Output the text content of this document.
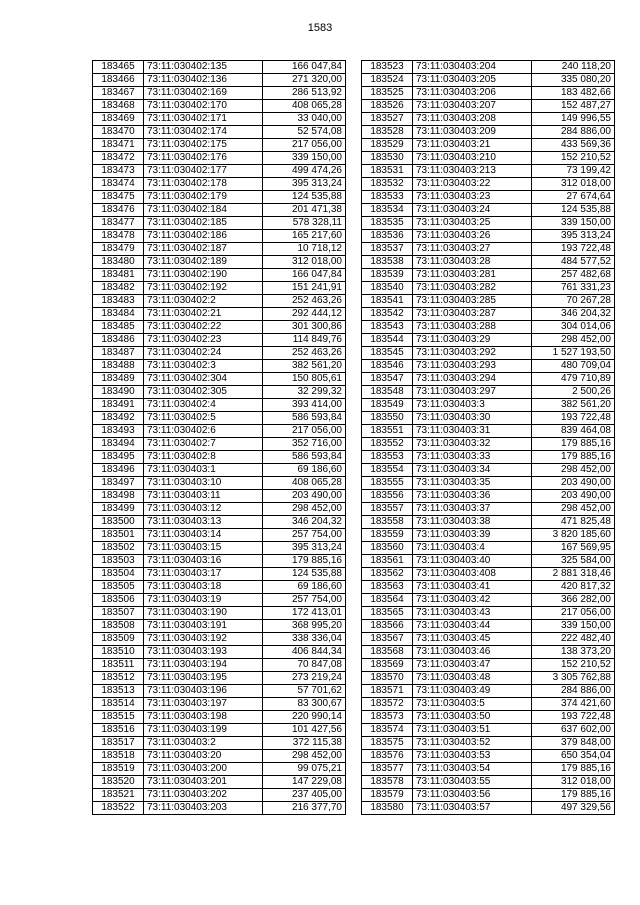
1583
183465	73:11:030402:135	166 047,84
183466	73:11:030402:136	271 320,00
183467	73:11:030402:169	286 513,92
183468	73:11:030402:170	408 065,28
183469	73:11:030402:171	33 040,00
183470	73:11:030402:174	52 574,08
183471	73:11:030402:175	217 056,00
183472	73:11:030402:176	339 150,00
183473	73:11:030402:177	499 474,26
183474	73:11:030402:178	395 313,24
183475	73:11:030402:179	124 535,88
183476	73:11:030402:184	201 471,38
183477	73:11:030402:185	578 328,11
183478	73:11:030402:186	165 217,60
183479	73:11:030402:187	10 718,12
183480	73:11:030402:189	312 018,00
183481	73:11:030402:190	166 047,84
183482	73:11:030402:192	151 241,91
183483	73:11:030402:2	252 463,26
183484	73:11:030402:21	292 444,12
183485	73:11:030402:22	301 300,86
183486	73:11:030402:23	114 849,76
183487	73:11:030402:24	252 463,26
183488	73:11:030402:3	382 561,20
183489	73:11:030402:304	150 805,61
183490	73:11:030402:305	32 299,32
183491	73:11:030402:4	393 414,00
183492	73:11:030402:5	586 593,84
183493	73:11:030402:6	217 056,00
183494	73:11:030402:7	352 716,00
183495	73:11:030402:8	586 593,84
183496	73:11:030403:1	69 186,60
183497	73:11:030403:10	408 065,28
183498	73:11:030403:11	203 490,00
183499	73:11:030403:12	298 452,00
183500	73:11:030403:13	346 204,32
183501	73:11:030403:14	257 754,00
183502	73:11:030403:15	395 313,24
183503	73:11:030403:16	179 885,16
183504	73:11:030403:17	124 535,88
183505	73:11:030403:18	69 186,60
183506	73:11:030403:19	257 754,00
183507	73:11:030403:190	172 413,01
183508	73:11:030403:191	368 995,20
183509	73:11:030403:192	338 336,04
183510	73:11:030403:193	406 844,34
183511	73:11:030403:194	70 847,08
183512	73:11:030403:195	273 219,24
183513	73:11:030403:196	57 701,62
183514	73:11:030403:197	83 300,67
183515	73:11:030403:198	220 990,14
183516	73:11:030403:199	101 427,56
183517	73:11:030403:2	372 115,38
183518	73:11:030403:20	298 452,00
183519	73:11:030403:200	99 075,21
183520	73:11:030403:201	147 229,08
183521	73:11:030403:202	237 405,00
183522	73:11:030403:203	216 377,70
183523	73:11:030403:204	240 118,20
183524	73:11:030403:205	335 080,20
183525	73:11:030403:206	183 482,66
183526	73:11:030403:207	152 487,27
183527	73:11:030403:208	149 996,55
183528	73:11:030403:209	284 886,00
183529	73:11:030403:21	433 569,36
183530	73:11:030403:210	152 210,52
183531	73:11:030403:213	73 199,42
183532	73:11:030403:22	312 018,00
183533	73:11:030403:23	27 674,64
183534	73:11:030403:24	124 535,88
183535	73:11:030403:25	339 150,00
183536	73:11:030403:26	395 313,24
183537	73:11:030403:27	193 722,48
183538	73:11:030403:28	484 577,52
183539	73:11:030403:281	257 482,68
183540	73:11:030403:282	761 331,23
183541	73:11:030403:285	70 267,28
183542	73:11:030403:287	346 204,32
183543	73:11:030403:288	304 014,06
183544	73:11:030403:29	298 452,00
183545	73:11:030403:292	1 527 193,50
183546	73:11:030403:293	480 709,04
183547	73:11:030403:294	479 710,89
183548	73:11:030403:297	2 500,26
183549	73:11:030403:3	382 561,20
183550	73:11:030403:30	193 722,48
183551	73:11:030403:31	839 464,08
183552	73:11:030403:32	179 885,16
183553	73:11:030403:33	179 885,16
183554	73:11:030403:34	298 452,00
183555	73:11:030403:35	203 490,00
183556	73:11:030403:36	203 490,00
183557	73:11:030403:37	298 452,00
183558	73:11:030403:38	471 825,48
183559	73:11:030403:39	3 820 185,60
183560	73:11:030403:4	167 569,95
183561	73:11:030403:40	325 584,00
183562	73:11:030403:408	2 881 318,46
183563	73:11:030403:41	420 817,32
183564	73:11:030403:42	366 282,00
183565	73:11:030403:43	217 056,00
183566	73:11:030403:44	339 150,00
183567	73:11:030403:45	222 482,40
183568	73:11:030403:46	138 373,20
183569	73:11:030403:47	152 210,52
183570	73:11:030403:48	3 305 762,88
183571	73:11:030403:49	284 886,00
183572	73:11:030403:5	374 421,60
183573	73:11:030403:50	193 722,48
183574	73:11:030403:51	637 602,00
183575	73:11:030403:52	379 848,00
183576	73:11:030403:53	650 354,04
183577	73:11:030403:54	179 885,16
183578	73:11:030403:55	312 018,00
183579	73:11:030403:56	179 885,16
183580	73:11:030403:57	497 329,56
